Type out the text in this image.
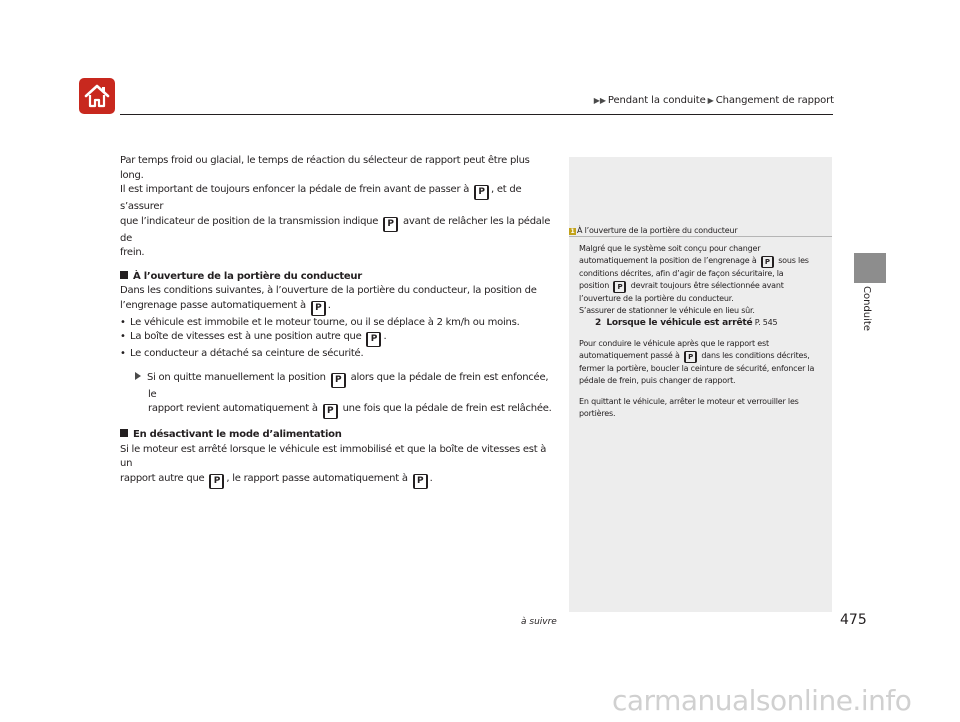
▶▶ Pendant la conduite ▶ Changement de rapport
Conduite

Par temps froid ou glacial, le temps de réaction du sélecteur de rapport peut être plus long.
Il est important de toujours enfoncer la pédale de frein avant de passer à P , et de s’assurer
que l’indicateur de position de la transmission indique P avant de relâcher les la pédale de
frein.

À l’ouverture de la portière du conducteur

Dans les conditions suivantes, à l’ouverture de la portière du conducteur, la position de
l’engrenage passe automatiquement à P .

• Le véhicule est immobile et le moteur tourne, ou il se déplace à 2 km/h ou moins.

• La boîte de vitesses est à une position autre que P .

• Le conducteur a détaché sa ceinture de sécurité.

Si on quitte manuellement la position P alors que la pédale de frein est enfoncée, le
rapport revient automatiquement à P une fois que la pédale de frein est relâchée.

En désactivant le mode d’alimentation

Si le moteur est arrêté lorsque le véhicule est immobilisé et que la boîte de vitesses est à un
rapport autre que P , le rapport passe automatiquement à P .

1 À l’ouverture de la portière du conducteur

Malgré que le système soit conçu pour changer
automatiquement la position de l’engrenage à P sous les
conditions décrites, afin d’agir de façon sécuritaire, la
position P devrait toujours être sélectionnée avant
l’ouverture de la portière du conducteur.
S’assurer de stationner le véhicule en lieu sûr.

2 Lorsque le véhicule est arrêté P. 545

Pour conduire le véhicule après que le rapport est
automatiquement passé à P dans les conditions décrites,
fermer la portière, boucler la ceinture de sécurité, enfoncer la
pédale de frein, puis changer de rapport.

En quittant le véhicule, arrêter le moteur et verrouiller les
portières.

à suivre	475
carmanualsonline.info
